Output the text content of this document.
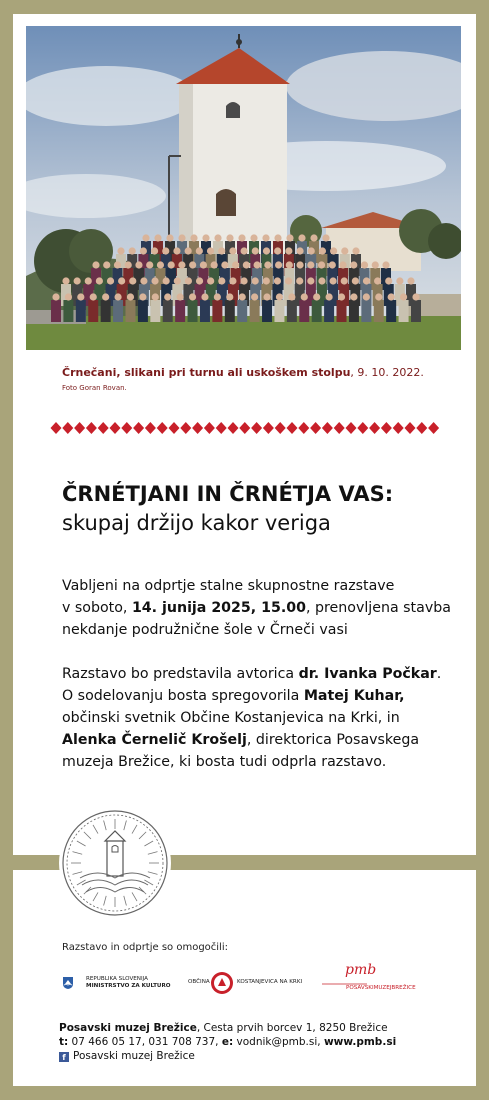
Črnečani, slikani pri turnu ali uskoškem stolpu, 9. 10. 2022.
Foto Goran Rovan.
ČRNÉTJANI IN ČRNÉTJA VAS:
skupaj držijo kakor veriga
Vabljeni na odprtje stalne skupnostne razstave
v soboto, 14. junija 2025, 15.00, prenovljena stavba
nekdanje podružnične šole v Črneči vasi
Razstavo bo predstavila avtorica dr. Ivanka Počkar.
O sodelovanju bosta spregovorila Matej Kuhar,
občinski svetnik Občine Kostanjevica na Krki, in
Alenka Černelič Krošelj, direktorica Posavskega
muzeja Brežice, ki bosta tudi odprla razstavo.
Razstavo in odprtje so omogočili:
REPUBLIKA SLOVENIJA
MINISTRSTVO ZA KULTURO
OBČINA	KOSTANJEVICA NA KRKI
pmb
POSAVSKIMUZEJBREŽICE
Posavski muzej Brežice, Cesta prvih borcev 1, 8250 Brežice
t: 07 466 05 17, 031 708 737, e: vodnik@pmb.si, www.pmb.si
f Posavski muzej Brežice
